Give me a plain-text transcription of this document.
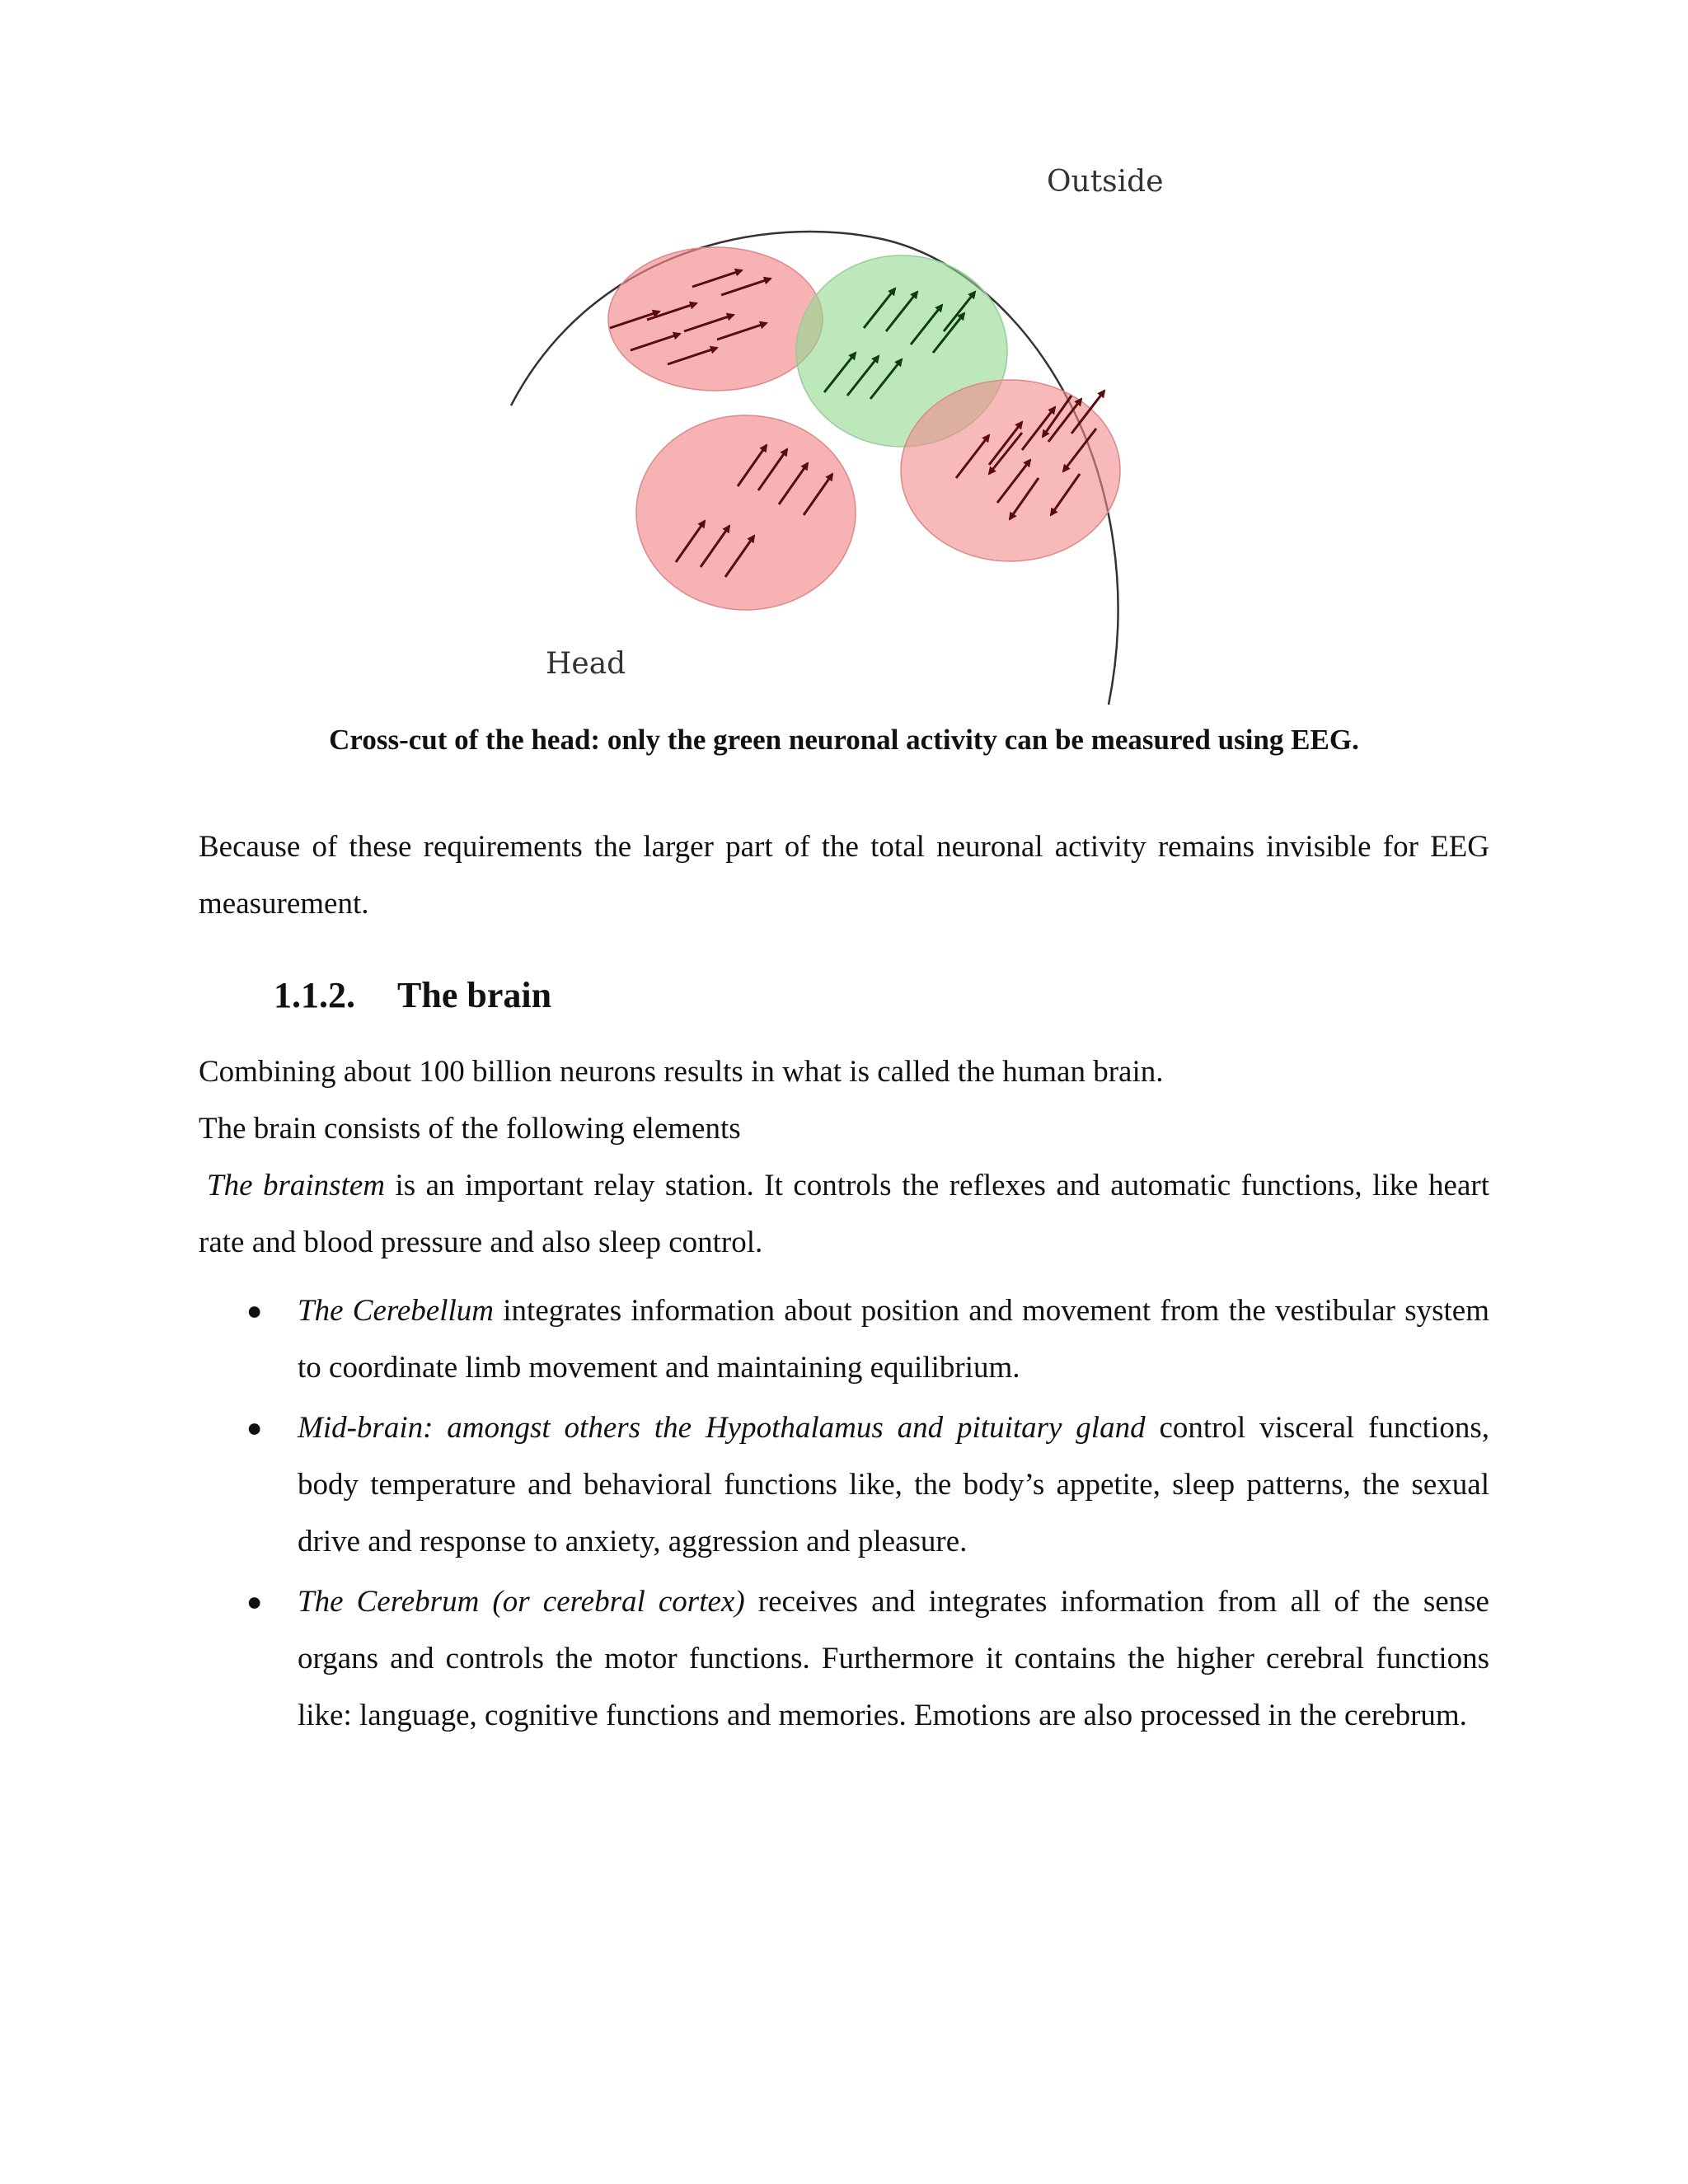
Outside
Head
Cross-cut of the head: only the green neuronal activity can be measured using EEG.
Because of these requirements the larger part of the total neuronal activity remains invisible for EEG measurement.
1.1.2. The brain
Combining about 100 billion neurons results in what is called the human brain.
The brain consists of the following elements
The brainstem is an important relay station. It controls the reflexes and automatic functions, like heart rate and blood pressure and also sleep control.
● The Cerebellum integrates information about position and movement from the vestibular system to coordinate limb movement and maintaining equilibrium.
● Mid-brain: amongst others the Hypothalamus and pituitary gland control visceral functions, body temperature and behavioral functions like, the body’s appetite, sleep patterns, the sexual drive and response to anxiety, aggression and pleasure.
● The Cerebrum (or cerebral cortex) receives and integrates information from all of the sense organs and controls the motor functions. Furthermore it contains the higher cerebral functions like: language, cognitive functions and memories. Emotions are also processed in the cerebrum.
